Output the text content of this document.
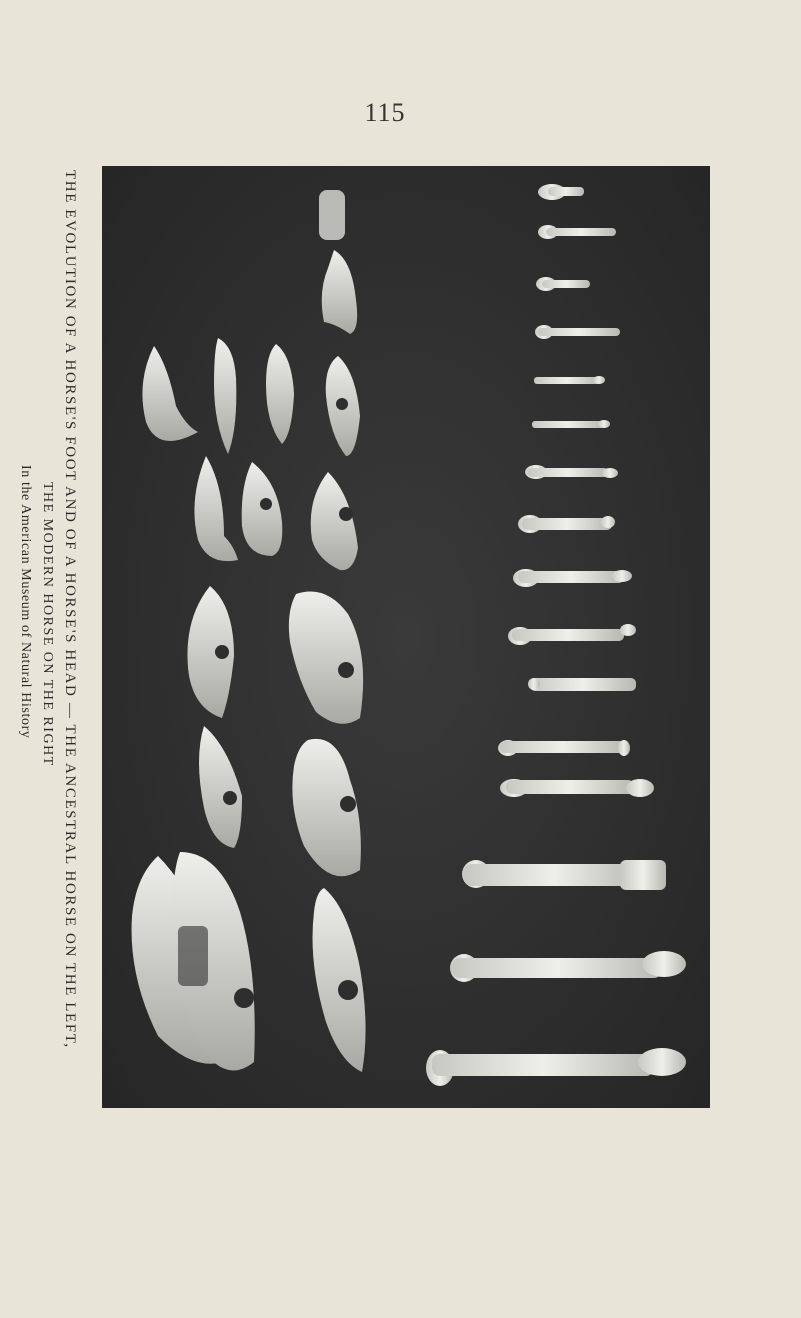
115
THE EVOLUTION OF A HORSE'S FOOT AND OF A HORSE'S HEAD — THE ANCESTRAL HORSE ON THE LEFT,
THE MODERN HORSE ON THE RIGHT
In the American Museum of Natural History
